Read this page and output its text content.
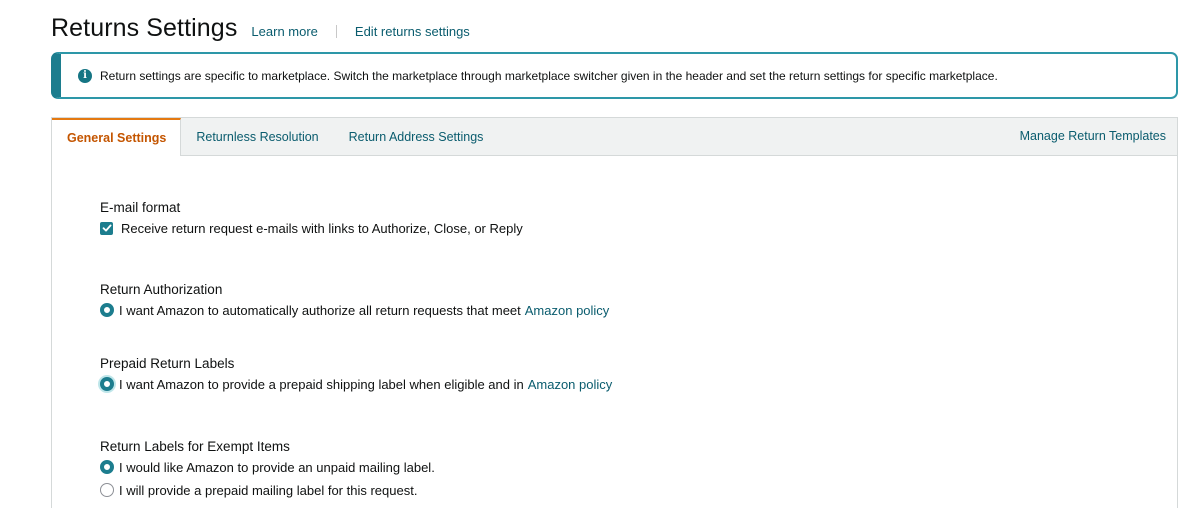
Returns Settings Learn more	Edit returns settings
i	Return settings are specific to marketplace. Switch the marketplace through marketplace switcher given in the header and set the return settings for specific marketplace.
General Settings	Returnless Resolution	Return Address Settings	Manage Return Templates
E-mail format
Receive return request e-mails with links to Authorize, Close, or Reply
Return Authorization
I want Amazon to automatically authorize all return requests that meet Amazon policy
Prepaid Return Labels
I want Amazon to provide a prepaid shipping label when eligible and in Amazon policy
Return Labels for Exempt Items
I would like Amazon to provide an unpaid mailing label.
I will provide a prepaid mailing label for this request.
